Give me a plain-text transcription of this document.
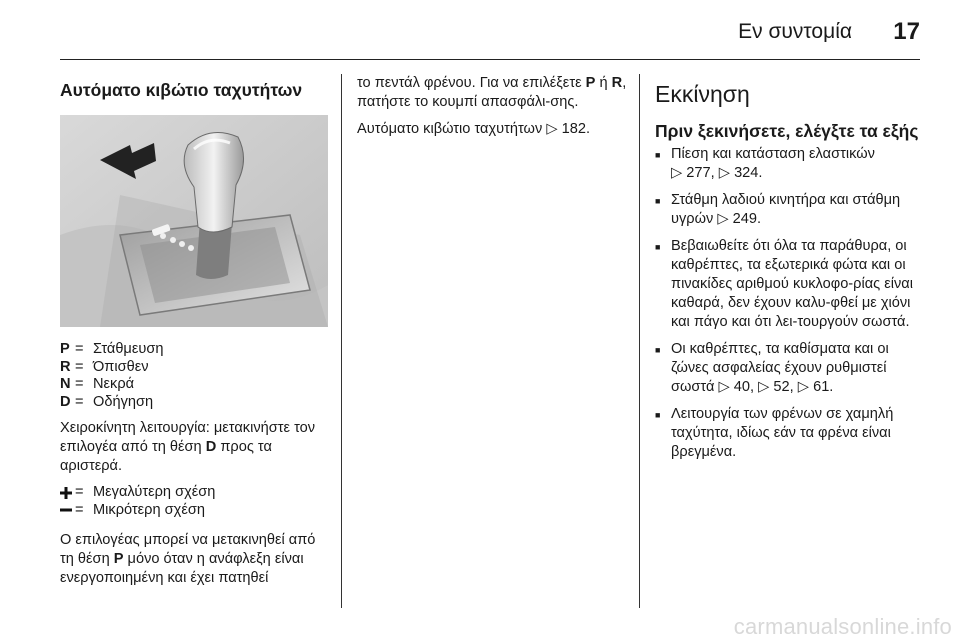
Εν συντομία 17
Αυτόματο κιβώτιο ταχυτήτων
P = Στάθμευση
R = Όπισθεν
N = Νεκρά
D = Οδήγηση

Χειροκίνητη λειτουργία: μετακινήστε τον επιλογέα από τη θέση D προς τα αριστερά.

= Μεγαλύτερη σχέση
= Μικρότερη σχέση

Ο επιλογέας μπορεί να μετακινηθεί από τη θέση P μόνο όταν η ανάφλεξη είναι ενεργοποιημένη και έχει πατηθεί

το πεντάλ φρένου. Για να επιλέξετε P ή R, πατήστε το κουμπί απασφάλι-σης.

Αυτόματο κιβώτιο ταχυτήτων ▷ 182.

Εκκίνηση
Πριν ξεκινήσετε, ελέγξτε τα εξής
■ Πίεση και κατάσταση ελαστικών
▷ 277, ▷ 324.
■ Στάθμη λαδιού κινητήρα και στάθμη υγρών ▷ 249.
■ Βεβαιωθείτε ότι όλα τα παράθυρα, οι καθρέπτες, τα εξωτερικά φώτα και οι πινακίδες αριθμού κυκλοφο-ρίας είναι καθαρά, δεν έχουν καλυ-φθεί με χιόνι και πάγο και ότι λει-τουργούν σωστά.
■ Οι καθρέπτες, τα καθίσματα και οι ζώνες ασφαλείας έχουν ρυθμιστεί σωστά ▷ 40, ▷ 52, ▷ 61.
■ Λειτουργία των φρένων σε χαμηλή ταχύτητα, ιδίως εάν τα φρένα είναι βρεγμένα.
carmanualsonline.info
